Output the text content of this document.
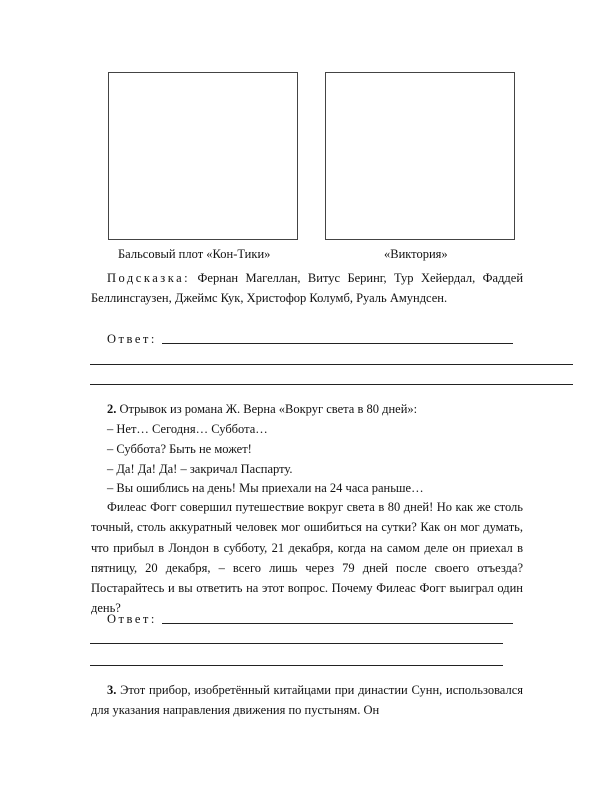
Бальсовый плот «Кон-Тики»	«Виктория»
Подсказка: Фернан Магеллан, Витус Беринг, Тур Хейердал, Фаддей Беллинсгаузен, Джеймс Кук, Христофор Колумб, Руаль Амундсен.
Ответ:
2. Отрывок из романа Ж. Верна «Вокруг света в 80 дней»:
– Нет… Сегодня… Суббота…
– Суббота? Быть не может!
– Да! Да! Да! – закричал Паспарту.
– Вы ошиблись на день! Мы приехали на 24 часа раньше…
Филеас Фогг совершил путешествие вокруг света в 80 дней! Но как же столь точный, столь аккуратный человек мог ошибиться на сутки? Как он мог думать, что прибыл в Лондон в субботу, 21 декабря, когда на самом деле он приехал в пятницу, 20 декабря, – всего лишь через 79 дней после своего отъезда? Постарайтесь и вы ответить на этот вопрос. Почему Филеас Фогг выиграл один день?
Ответ:
3. Этот прибор, изобретённый китайцами при династии Сунн, использовался для указания направления движения по пустыням. Он
